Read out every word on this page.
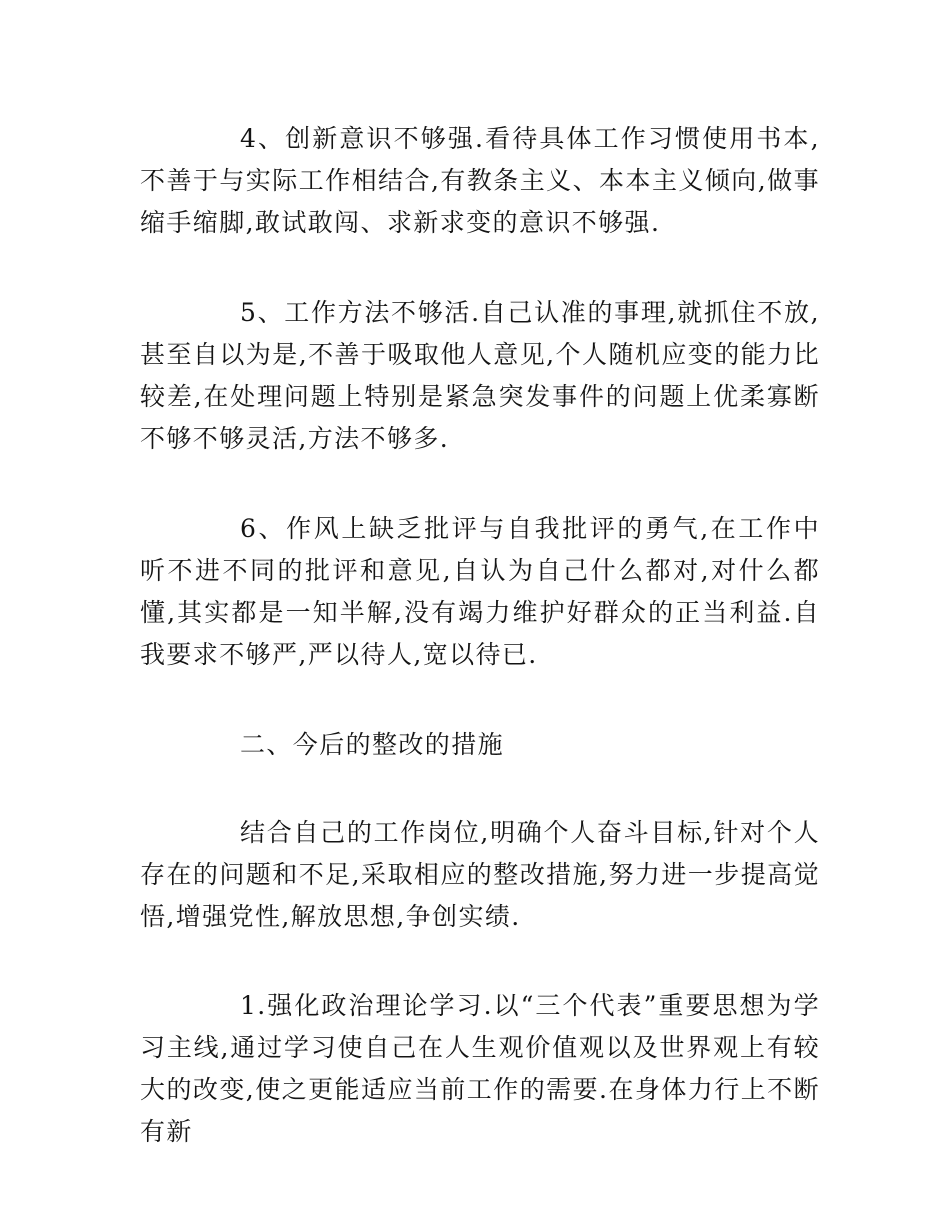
4、创新意识不够强.看待具体工作习惯使用书本,不善于与实际工作相结合,有教条主义、本本主义倾向,做事缩手缩脚,敢试敢闯、求新求变的意识不够强.

5、工作方法不够活.自己认准的事理,就抓住不放,甚至自以为是,不善于吸取他人意见,个人随机应变的能力比较差,在处理问题上特别是紧急突发事件的问题上优柔寡断不够不够灵活,方法不够多.

6、作风上缺乏批评与自我批评的勇气,在工作中听不进不同的批评和意见,自认为自己什么都对,对什么都懂,其实都是一知半解,没有竭力维护好群众的正当利益.自我要求不够严,严以待人,宽以待已.

二、今后的整改的措施

结合自己的工作岗位,明确个人奋斗目标,针对个人存在的问题和不足,采取相应的整改措施,努力进一步提高觉悟,增强党性,解放思想,争创实绩.

1.强化政治理论学习.以“三个代表”重要思想为学习主线,通过学习使自己在人生观价值观以及世界观上有较大的改变,使之更能适应当前工作的需要.在身体力行上不断有新
